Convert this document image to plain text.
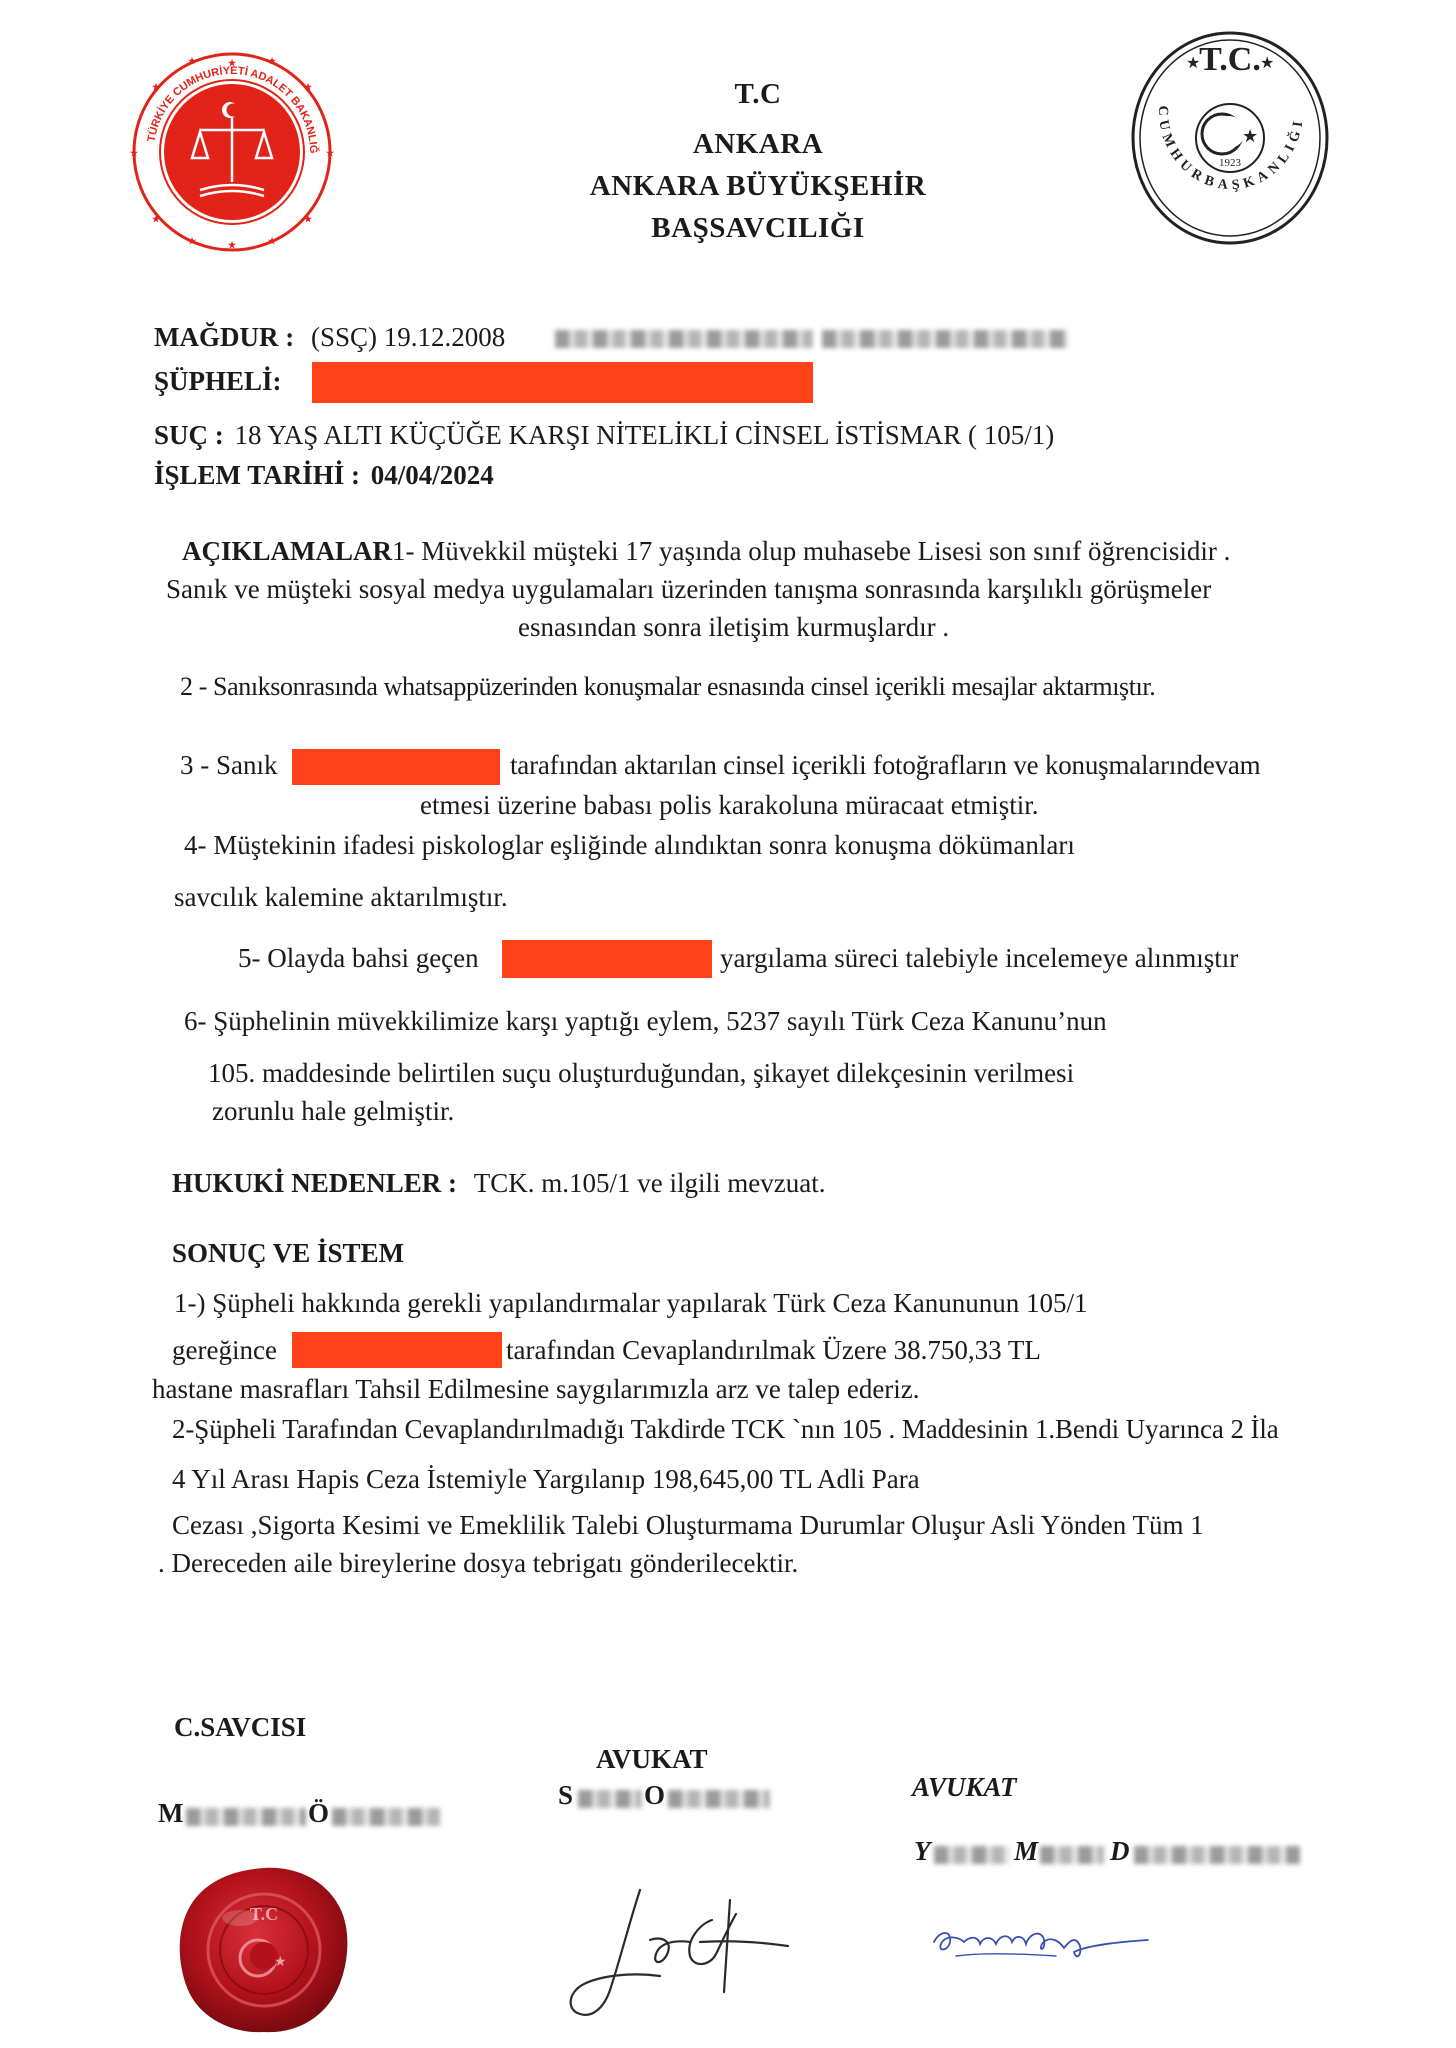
★
★	★
★	★
★	★
★
★	★
★	★
TÜRKİYE CUMHURİYETİ ADALET BAKANLIĞI
T.C
ANKARA
ANKARA BÜYÜKŞEHİR
BAŞSAVCILIĞI
T.C.
★	★
CUMHURBAŞKANLIĞI
★
1923
MAĞDUR : (SSÇ) 19.12.2008
ŞÜPHELİ:
SUÇ : 18 YAŞ ALTI KÜÇÜĞE KARŞI NİTELİKLİ CİNSEL İSTİSMAR ( 105/1)
İŞLEM TARİHİ : 04/04/2024
AÇIKLAMALAR1- Müvekkil müşteki 17 yaşında olup muhasebe Lisesi son sınıf öğrencisidir .
Sanık ve müşteki sosyal medya uygulamaları üzerinden tanışma sonrasında karşılıklı görüşmeler
esnasından sonra iletişim kurmuşlardır .
2 - Sanıksonrasında whatsappüzerinden konuşmalar esnasında cinsel içerikli mesajlar aktarmıştır.
3 - Sanık	tarafından aktarılan cinsel içerikli fotoğrafların ve konuşmalarındevam
etmesi üzerine babası polis karakoluna müracaat etmiştir.
4- Müştekinin ifadesi piskologlar eşliğinde alındıktan sonra konuşma dökümanları
savcılık kalemine aktarılmıştır.
5- Olayda bahsi geçen	yargılama süreci talebiyle incelemeye alınmıştır
6- Şüphelinin müvekkilimize karşı yaptığı eylem, 5237 sayılı Türk Ceza Kanunu’nun
105. maddesinde belirtilen suçu oluşturduğundan, şikayet dilekçesinin verilmesi
zorunlu hale gelmiştir.
HUKUKİ NEDENLER : TCK. m.105/1 ve ilgili mevzuat.
SONUÇ VE İSTEM
1-) Şüpheli hakkında gerekli yapılandırmalar yapılarak Türk Ceza Kanununun 105/1
gereğince	tarafından Cevaplandırılmak Üzere 38.750,33 TL
hastane masrafları Tahsil Edilmesine saygılarımızla arz ve talep ederiz.
2-Şüpheli Tarafından Cevaplandırılmadığı Takdirde TCK `nın 105 . Maddesinin 1.Bendi Uyarınca 2 İla
4 Yıl Arası Hapis Ceza İstemiyle Yargılanıp 198,645,00 TL Adli Para
Cezası ,Sigorta Kesimi ve Emeklilik Talebi Oluşturmama Durumlar Oluşur Asli Yönden Tüm 1
. Dereceden aile bireylerine dosya tebrigatı gönderilecektir.
C.SAVCISI
M	Ö
AVUKAT
S	O	AVUKAT
Y	M	D
T.C
★
